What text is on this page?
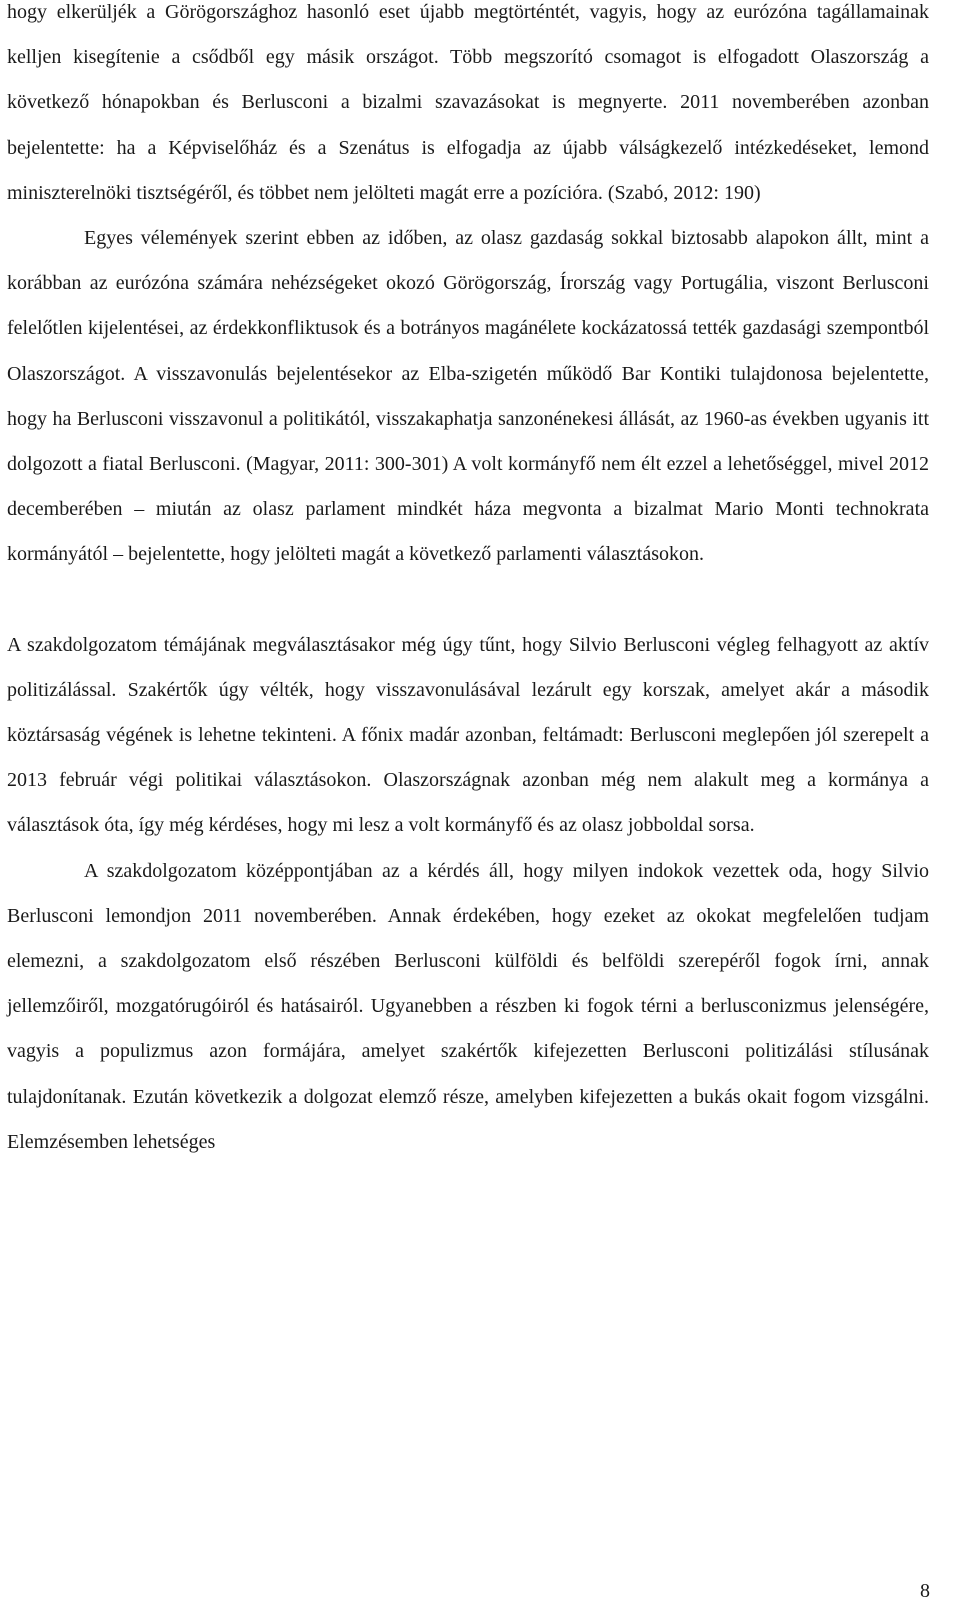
hogy elkerüljék a Görögországhoz hasonló eset újabb megtörténtét, vagyis, hogy az eurózóna tagállamainak kelljen kisegítenie a csődből egy másik országot. Több megszorító csomagot is elfogadott Olaszország a következő hónapokban és Berlusconi a bizalmi szavazásokat is megnyerte. 2011 novemberében azonban bejelentette: ha a Képviselőház és a Szenátus is elfogadja az újabb válságkezelő intézkedéseket, lemond miniszterelnöki tisztségéről, és többet nem jelölteti magát erre a pozícióra. (Szabó, 2012: 190)

Egyes vélemények szerint ebben az időben, az olasz gazdaság sokkal biztosabb alapokon állt, mint a korábban az eurózóna számára nehézségeket okozó Görögország, Írország vagy Portugália, viszont Berlusconi felelőtlen kijelentései, az érdekkonfliktusok és a botrányos magánélete kockázatossá tették gazdasági szempontból Olaszországot. A visszavonulás bejelentésekor az Elba-szigetén működő Bar Kontiki tulajdonosa bejelentette, hogy ha Berlusconi visszavonul a politikától, visszakaphatja sanzonénekesi állását, az 1960-as években ugyanis itt dolgozott a fiatal Berlusconi. (Magyar, 2011: 300-301) A volt kormányfő nem élt ezzel a lehetőséggel, mivel 2012 decemberében – miután az olasz parlament mindkét háza megvonta a bizalmat Mario Monti technokrata kormányától – bejelentette, hogy jelölteti magát a következő parlamenti választásokon.

A szakdolgozatom témájának megválasztásakor még úgy tűnt, hogy Silvio Berlusconi végleg felhagyott az aktív politizálással. Szakértők úgy vélték, hogy visszavonulásával lezárult egy korszak, amelyet akár a második köztársaság végének is lehetne tekinteni. A főnix madár azonban, feltámadt: Berlusconi meglepően jól szerepelt a 2013 február végi politikai választásokon. Olaszországnak azonban még nem alakult meg a kormánya a választások óta, így még kérdéses, hogy mi lesz a volt kormányfő és az olasz jobboldal sorsa.

A szakdolgozatom középpontjában az a kérdés áll, hogy milyen indokok vezettek oda, hogy Silvio Berlusconi lemondjon 2011 novemberében. Annak érdekében, hogy ezeket az okokat megfelelően tudjam elemezni, a szakdolgozatom első részében Berlusconi külföldi és belföldi szerepéről fogok írni, annak jellemzőiről, mozgatórugóiról és hatásairól. Ugyanebben a részben ki fogok térni a berlusconizmus jelenségére, vagyis a populizmus azon formájára, amelyet szakértők kifejezetten Berlusconi politizálási stílusának tulajdonítanak. Ezután következik a dolgozat elemző része, amelyben kifejezetten a bukás okait fogom vizsgálni. Elemzésemben lehetséges

8
